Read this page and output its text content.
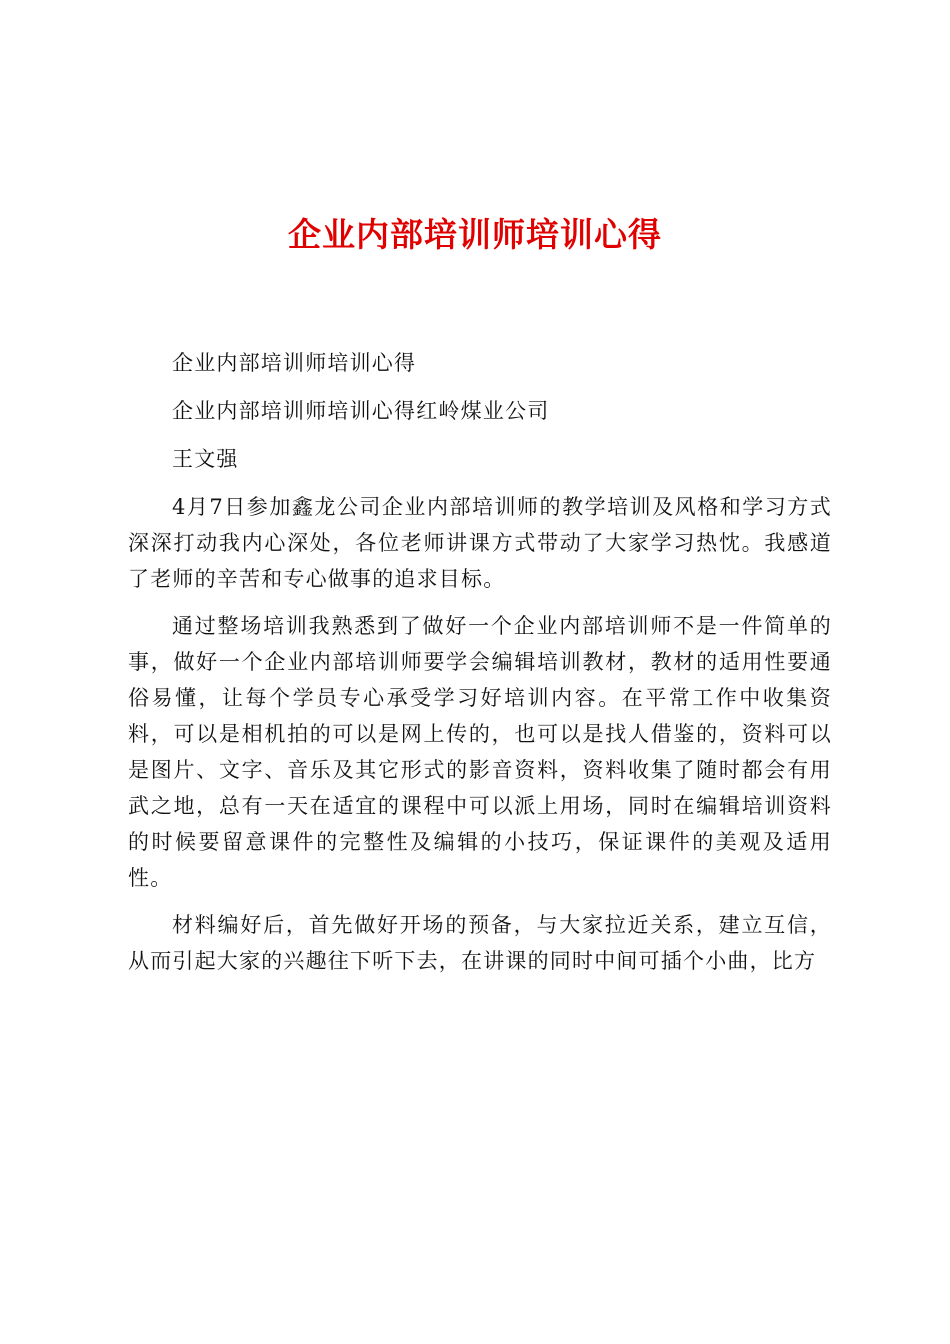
企业内部培训师培训心得

企业内部培训师培训心得

企业内部培训师培训心得红岭煤业公司

王文强

4月7日参加鑫龙公司企业内部培训师的教学培训及风格和学习方式深深打动我内心深处，各位老师讲课方式带动了大家学习热忱。我感道了老师的辛苦和专心做事的追求目标。

通过整场培训我熟悉到了做好一个企业内部培训师不是一件简单的事，做好一个企业内部培训师要学会编辑培训教材，教材的适用性要通俗易懂，让每个学员专心承受学习好培训内容。在平常工作中收集资料，可以是相机拍的可以是网上传的，也可以是找人借鉴的，资料可以是图片、文字、音乐及其它形式的影音资料，资料收集了随时都会有用武之地，总有一天在适宜的课程中可以派上用场，同时在编辑培训资料的时候要留意课件的完整性及编辑的小技巧，保证课件的美观及适用性。

材料编好后，首先做好开场的预备，与大家拉近关系，建立互信，从而引起大家的兴趣往下听下去，在讲课的同时中间可插个小曲，比方
